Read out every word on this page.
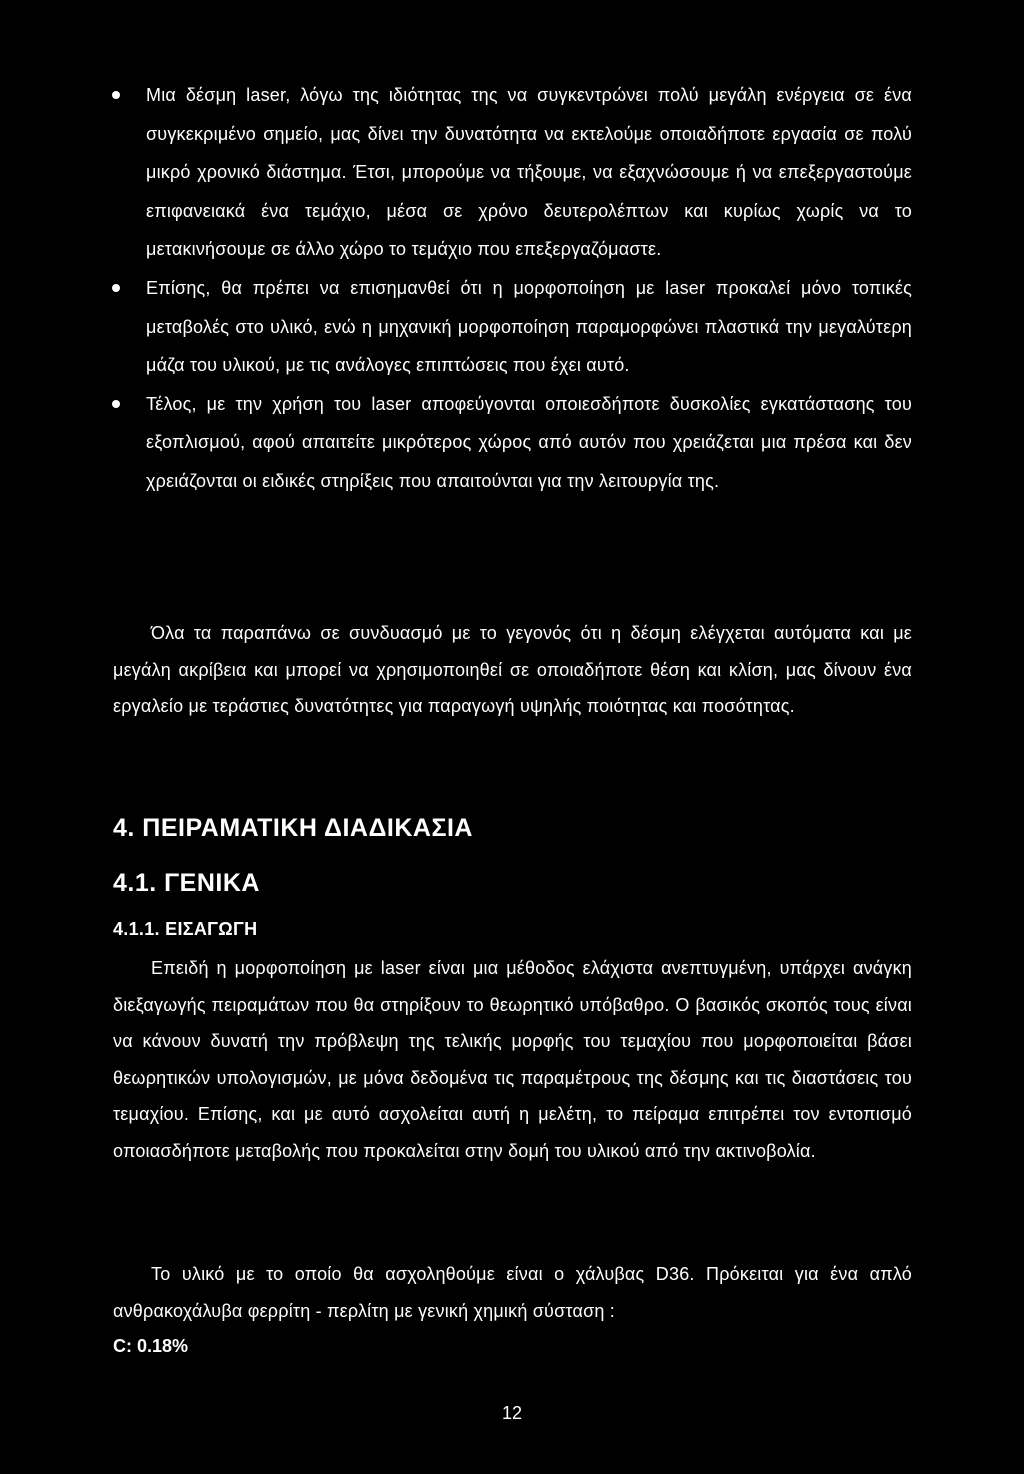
Μια δέσμη laser, λόγω της ιδιότητας της να συγκεντρώνει πολύ μεγάλη ενέργεια σε ένα συγκεκριμένο σημείο, μας δίνει την δυνατότητα να εκτελούμε οποιαδήποτε εργασία σε πολύ μικρό χρονικό διάστημα. Έτσι, μπορούμε να τήξουμε, να εξαχνώσουμε ή να επεξεργαστούμε επιφανειακά ένα τεμάχιο, μέσα σε χρόνο δευτερολέπτων και κυρίως χωρίς να το μετακινήσουμε σε άλλο χώρο το τεμάχιο που επεξεργαζόμαστε.
Επίσης, θα πρέπει να επισημανθεί ότι η μορφοποίηση με laser προκαλεί μόνο τοπικές μεταβολές στο υλικό, ενώ η μηχανική μορφοποίηση παραμορφώνει πλαστικά την μεγαλύτερη μάζα του υλικού, με τις ανάλογες επιπτώσεις που έχει αυτό.
Τέλος, με την χρήση του laser αποφεύγονται οποιεσδήποτε δυσκολίες εγκατάστασης του εξοπλισμού, αφού απαιτείτε μικρότερος χώρος από αυτόν που χρειάζεται μια πρέσα και δεν χρειάζονται οι ειδικές στηρίξεις που απαιτούνται για την λειτουργία της.

Όλα τα παραπάνω σε συνδυασμό με το γεγονός ότι η δέσμη ελέγχεται αυτόματα και με μεγάλη ακρίβεια και μπορεί να χρησιμοποιηθεί σε οποιαδήποτε θέση και κλίση, μας δίνουν ένα εργαλείο με τεράστιες δυνατότητες για παραγωγή υψηλής ποιότητας και ποσότητας.

4. ΠΕΙΡΑΜΑΤΙΚΗ ΔΙΑΔΙΚΑΣΙΑ
4.1. ΓΕΝΙΚΑ
4.1.1. ΕΙΣΑΓΩΓΗ

Επειδή η μορφοποίηση με laser είναι μια μέθοδος ελάχιστα ανεπτυγμένη, υπάρχει ανάγκη διεξαγωγής πειραμάτων που θα στηρίξουν το θεωρητικό υπόβαθρο. Ο βασικός σκοπός τους είναι να κάνουν δυνατή την πρόβλεψη της τελικής μορφής του τεμαχίου που μορφοποιείται βάσει θεωρητικών υπολογισμών, με μόνα δεδομένα τις παραμέτρους της δέσμης και τις διαστάσεις του τεμαχίου. Επίσης, και με αυτό ασχολείται αυτή η μελέτη, το πείραμα επιτρέπει τον εντοπισμό οποιασδήποτε μεταβολής που προκαλείται στην δομή του υλικού από την ακτινοβολία.

Το υλικό με το οποίο θα ασχοληθούμε είναι ο χάλυβας D36. Πρόκειται για ένα απλό ανθρακοχάλυβα φερρίτη - περλίτη με γενική χημική σύσταση :

C: 0.18%

12
